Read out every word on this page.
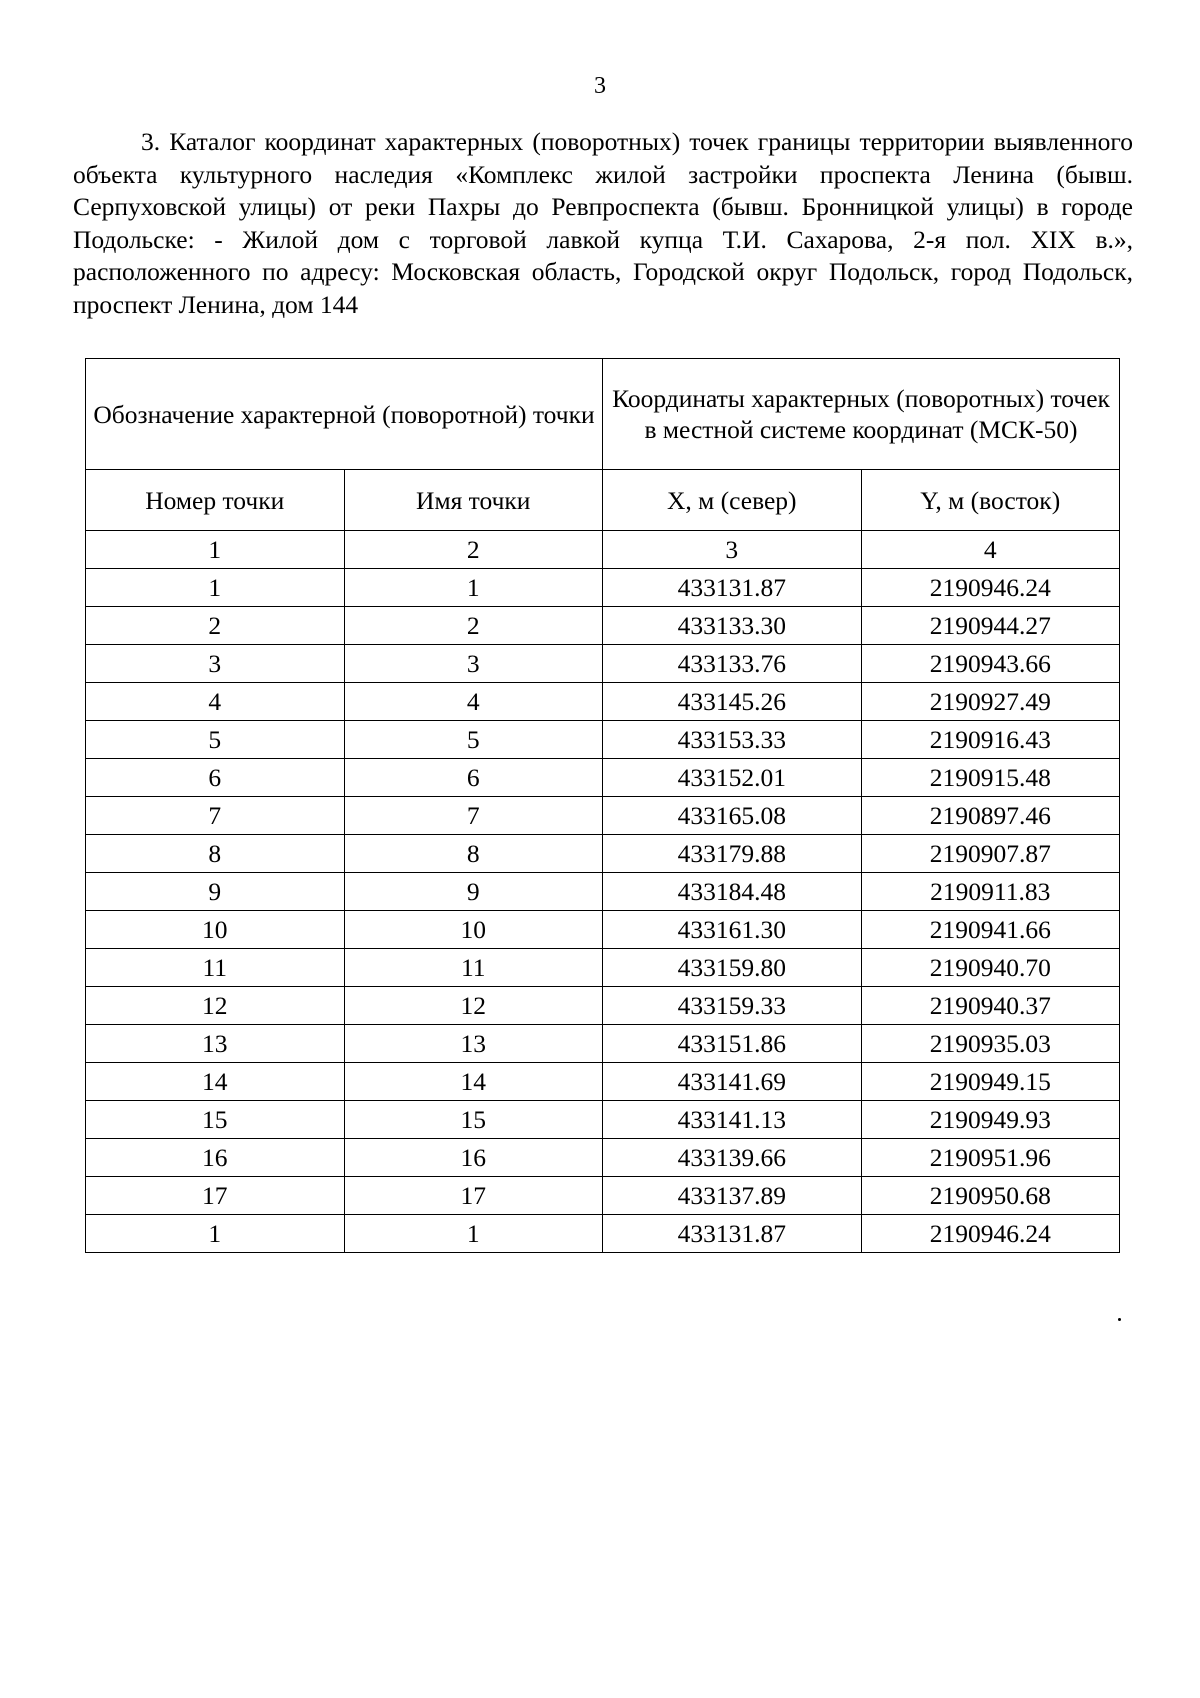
3

3. Каталог координат характерных (поворотных) точек границы территории выявленного объекта культурного наследия «Комплекс жилой застройки проспекта Ленина (бывш. Серпуховской улицы) от реки Пахры до Ревпроспекта (бывш. Бронницкой улицы) в городе Подольске: - Жилой дом с торговой лавкой купца Т.И. Сахарова, 2-я пол. XIX в.», расположенного по адресу: Московская область, Городской округ Подольск, город Подольск, проспект Ленина, дом 144

Обозначение характерной (поворотной) точки		Координаты характерных (поворотных) точек в местной системе координат (МСК-50)	
Номер точки	Имя точки	X, м (север)	Y, м (восток)
1	2	3	4
1	1	433131.87	2190946.24
2	2	433133.30	2190944.27
3	3	433133.76	2190943.66
4	4	433145.26	2190927.49
5	5	433153.33	2190916.43
6	6	433152.01	2190915.48
7	7	433165.08	2190897.46
8	8	433179.88	2190907.87
9	9	433184.48	2190911.83
10	10	433161.30	2190941.66
11	11	433159.80	2190940.70
12	12	433159.33	2190940.37
13	13	433151.86	2190935.03
14	14	433141.69	2190949.15
15	15	433141.13	2190949.93
16	16	433139.66	2190951.96
17	17	433137.89	2190950.68
1	1	433131.87	2190946.24
